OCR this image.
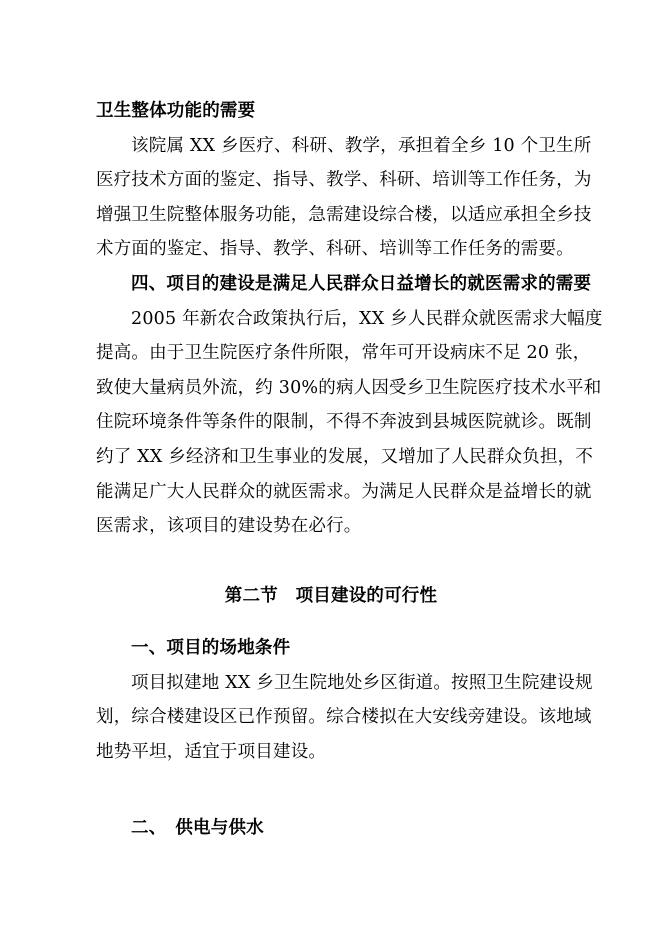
卫生整体功能的需要
该院属 XX 乡医疗、科研、教学，承担着全乡 10 个卫生所
医疗技术方面的鉴定、指导、教学、科研、培训等工作任务，为
增强卫生院整体服务功能，急需建设综合楼，以适应承担全乡技
术方面的鉴定、指导、教学、科研、培训等工作任务的需要。
四、项目的建设是满足人民群众日益增长的就医需求的需要
2005 年新农合政策执行后，XX 乡人民群众就医需求大幅度
提高。由于卫生院医疗条件所限，常年可开设病床不足 20 张，
致使大量病员外流，约 30%的病人因受乡卫生院医疗技术水平和
住院环境条件等条件的限制，不得不奔波到县城医院就诊。既制
约了 XX 乡经济和卫生事业的发展，又增加了人民群众负担，不
能满足广大人民群众的就医需求。为满足人民群众是益增长的就
医需求，该项目的建设势在必行。
第二节　项目建设的可行性
一、项目的场地条件
项目拟建地 XX 乡卫生院地处乡区街道。按照卫生院建设规
划，综合楼建设区已作预留。综合楼拟在大安线旁建设。该地域
地势平坦，适宜于项目建设。
二、　供电与供水
